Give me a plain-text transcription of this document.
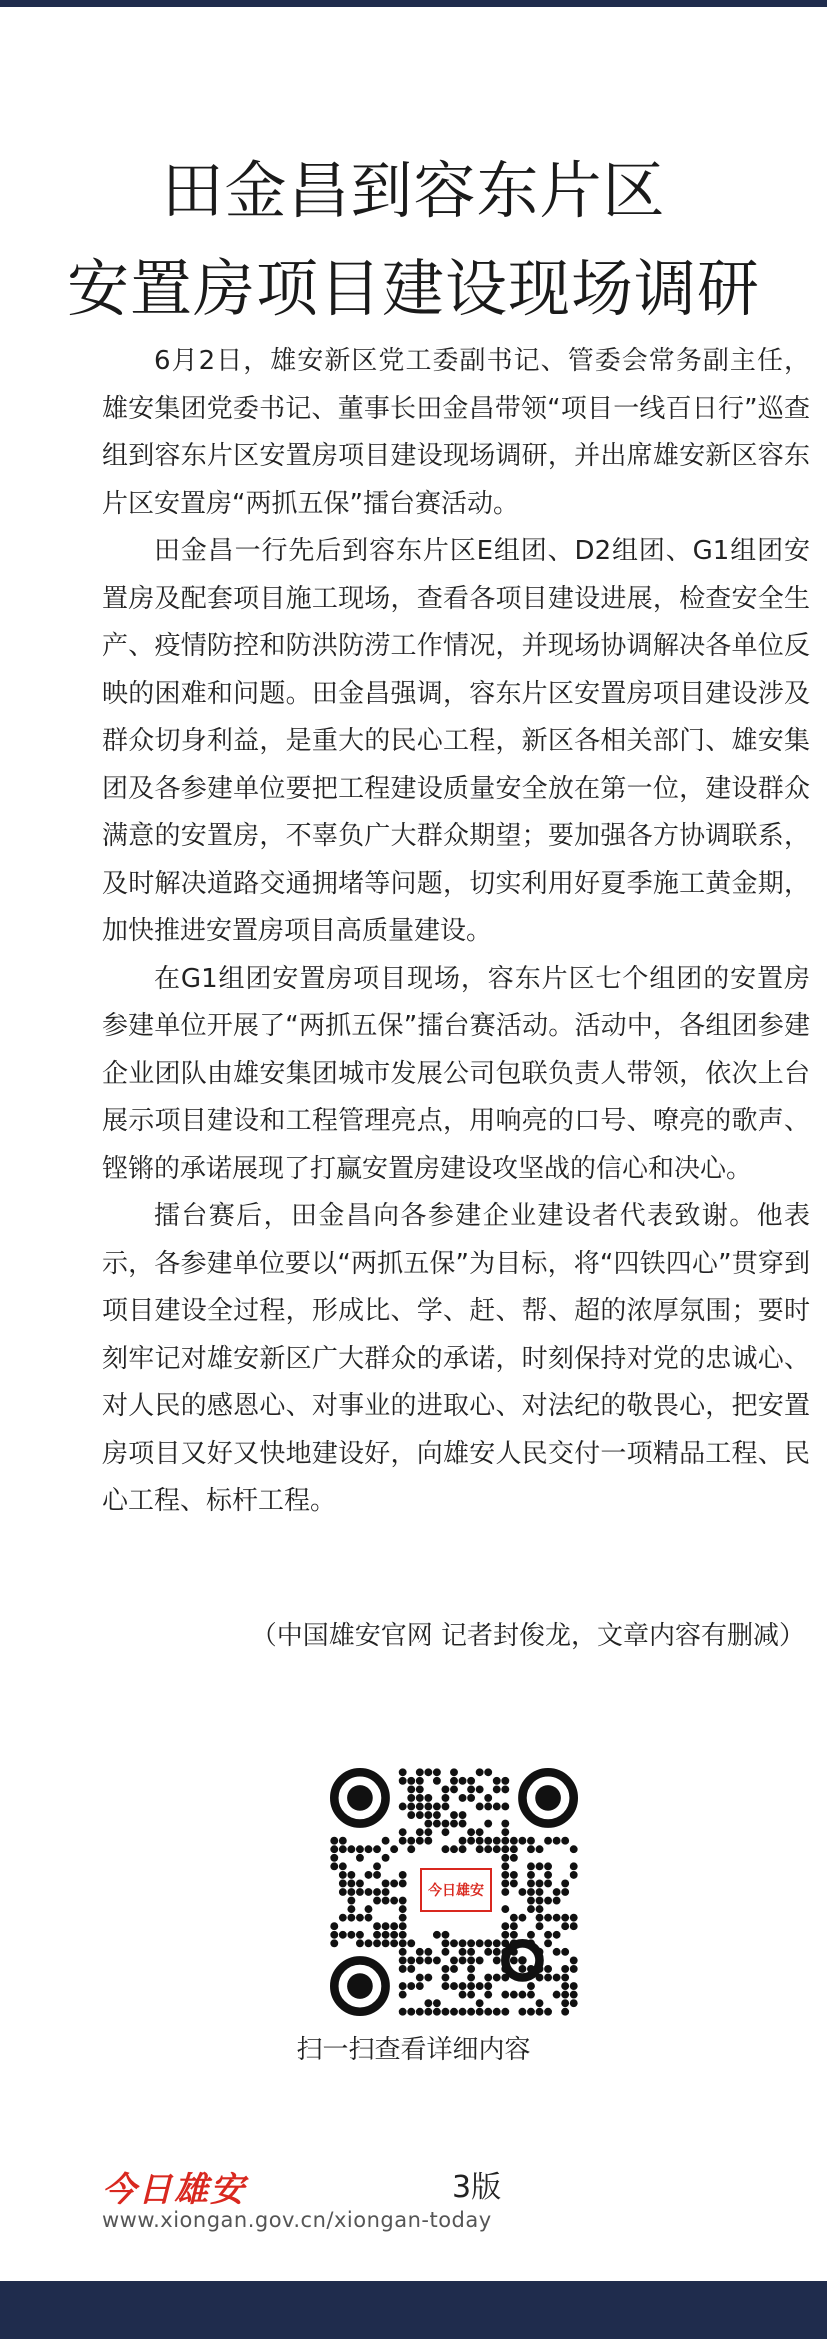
田金昌到容东片区
安置房项目建设现场调研

6月2日，雄安新区党工委副书记、管委会常务副主任，雄安集团党委书记、董事长田金昌带领“项目一线百日行”巡查组到容东片区安置房项目建设现场调研，并出席雄安新区容东片区安置房“两抓五保”擂台赛活动。

田金昌一行先后到容东片区E组团、D2组团、G1组团安置房及配套项目施工现场，查看各项目建设进展，检查安全生产、疫情防控和防洪防涝工作情况，并现场协调解决各单位反映的困难和问题。田金昌强调，容东片区安置房项目建设涉及群众切身利益，是重大的民心工程，新区各相关部门、雄安集团及各参建单位要把工程建设质量安全放在第一位，建设群众满意的安置房，不辜负广大群众期望；要加强各方协调联系，及时解决道路交通拥堵等问题，切实利用好夏季施工黄金期，加快推进安置房项目高质量建设。

在G1组团安置房项目现场，容东片区七个组团的安置房参建单位开展了“两抓五保”擂台赛活动。活动中，各组团参建企业团队由雄安集团城市发展公司包联负责人带领，依次上台展示项目建设和工程管理亮点，用响亮的口号、嘹亮的歌声、铿锵的承诺展现了打赢安置房建设攻坚战的信心和决心。

擂台赛后，田金昌向各参建企业建设者代表致谢。他表示，各参建单位要以“两抓五保”为目标，将“四铁四心”贯穿到项目建设全过程，形成比、学、赶、帮、超的浓厚氛围；要时刻牢记对雄安新区广大群众的承诺，时刻保持对党的忠诚心、对人民的感恩心、对事业的进取心、对法纪的敬畏心，把安置房项目又好又快地建设好，向雄安人民交付一项精品工程、民心工程、标杆工程。

（中国雄安官网 记者封俊龙，文章内容有删减）
今日雄安
扫一扫查看详细内容
今日雄安	3版
www.xiongan.gov.cn/xiongan-today
